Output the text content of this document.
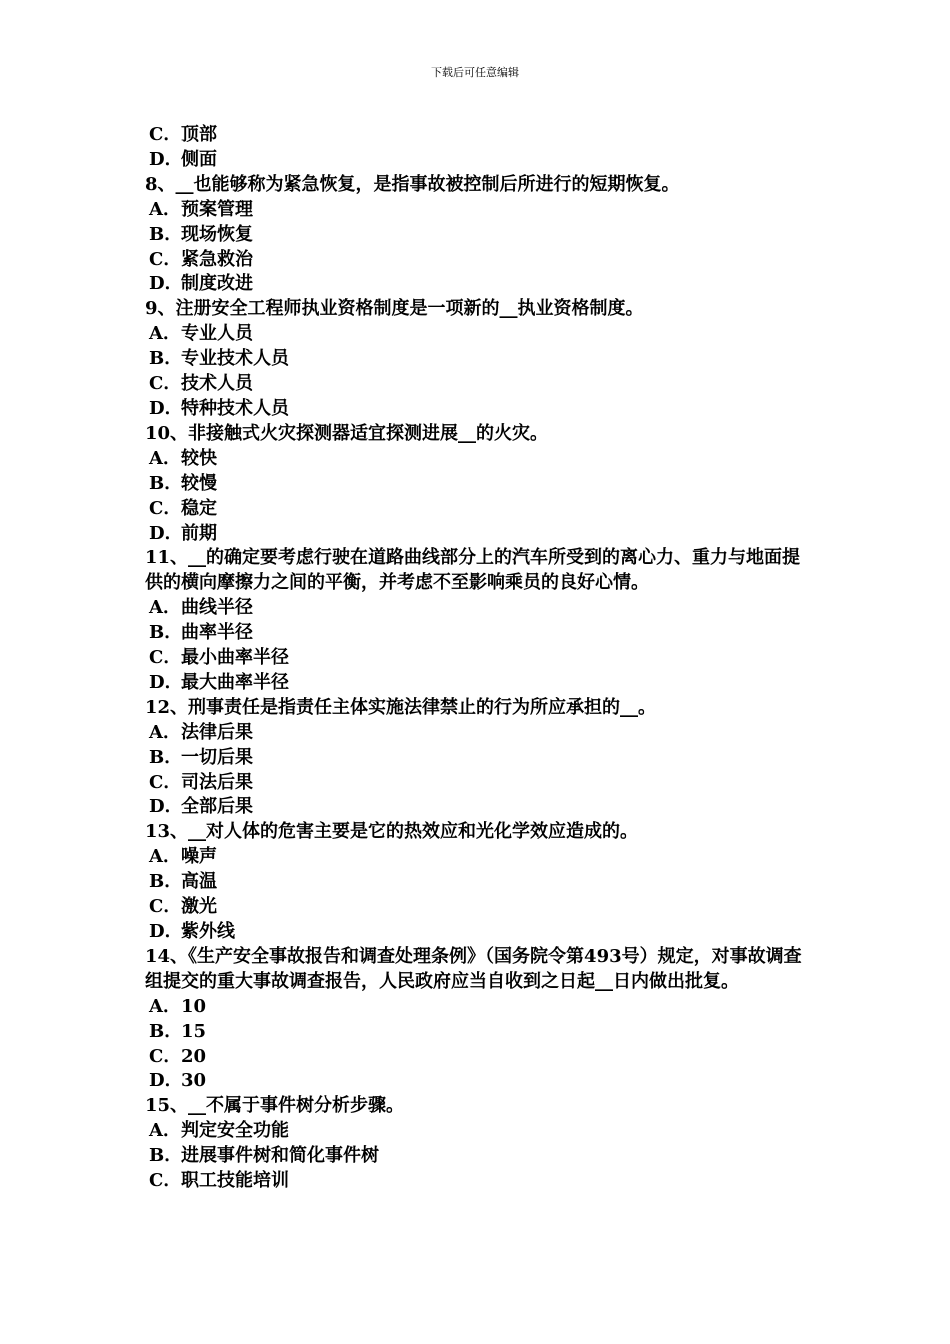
下载后可任意编辑
C．顶部
D．侧面
8、__也能够称为紧急恢复，是指事故被控制后所进行的短期恢复。
A．预案管理
B．现场恢复
C．紧急救治
D．制度改进
9、注册安全工程师执业资格制度是一项新的__执业资格制度。
A．专业人员
B．专业技术人员
C．技术人员
D．特种技术人员
10、非接触式火灾探测器适宜探测进展__的火灾。
A．较快
B．较慢
C．稳定
D．前期
11、__的确定要考虑行驶在道路曲线部分上的汽车所受到的离心力、重力与地面提供的横向摩擦力之间的平衡，并考虑不至影响乘员的良好心情。
A．曲线半径
B．曲率半径
C．最小曲率半径
D．最大曲率半径
12、刑事责任是指责任主体实施法律禁止的行为所应承担的__。
A．法律后果
B．一切后果
C．司法后果
D．全部后果
13、__对人体的危害主要是它的热效应和光化学效应造成的。
A．噪声
B．高温
C．激光
D．紫外线
14、《生产安全事故报告和调查处理条例》（国务院令第493号）规定，对事故调查组提交的重大事故调查报告，人民政府应当自收到之日起__日内做出批复。
A．10
B．15
C．20
D．30
15、__不属于事件树分析步骤。
A．判定安全功能
B．进展事件树和简化事件树
C．职工技能培训
